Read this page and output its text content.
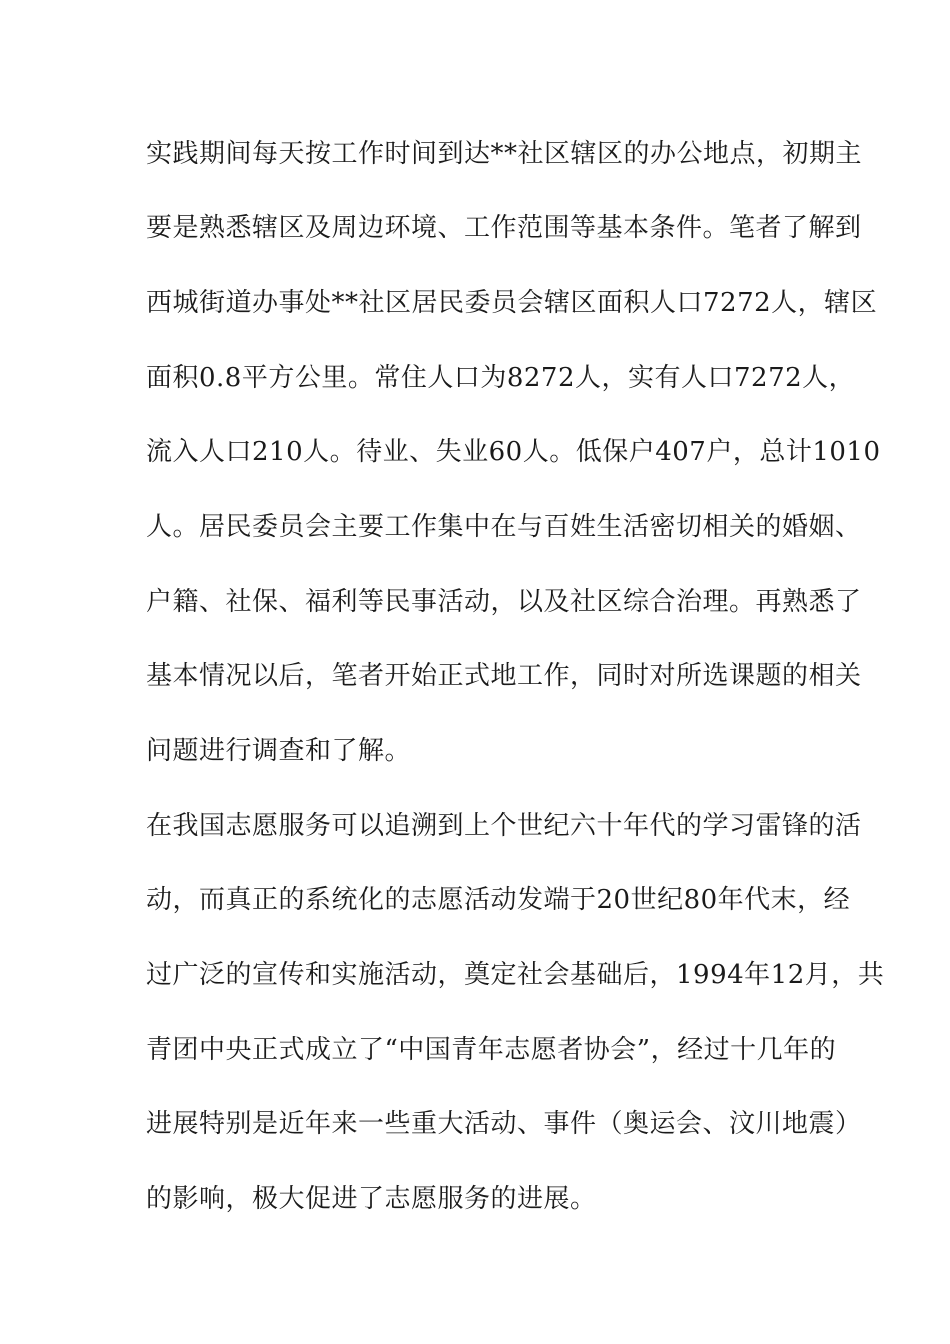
实践期间每天按工作时间到达**社区辖区的办公地点，初期主
要是熟悉辖区及周边环境、工作范围等基本条件。笔者了解到
西城街道办事处**社区居民委员会辖区面积人口7272人，辖区
面积0.8平方公里。常住人口为8272人，实有人口7272人，
流入人口210人。待业、失业60人。低保户407户，总计1010
人。居民委员会主要工作集中在与百姓生活密切相关的婚姻、
户籍、社保、福利等民事活动，以及社区综合治理。再熟悉了
基本情况以后，笔者开始正式地工作，同时对所选课题的相关
问题进行调查和了解。
在我国志愿服务可以追溯到上个世纪六十年代的学习雷锋的活
动，而真正的系统化的志愿活动发端于20世纪80年代末，经
过广泛的宣传和实施活动，奠定社会基础后，1994年12月，共
青团中央正式成立了“中国青年志愿者协会”，经过十几年的
进展特别是近年来一些重大活动、事件（奥运会、汶川地震）
的影响，极大促进了志愿服务的进展。
